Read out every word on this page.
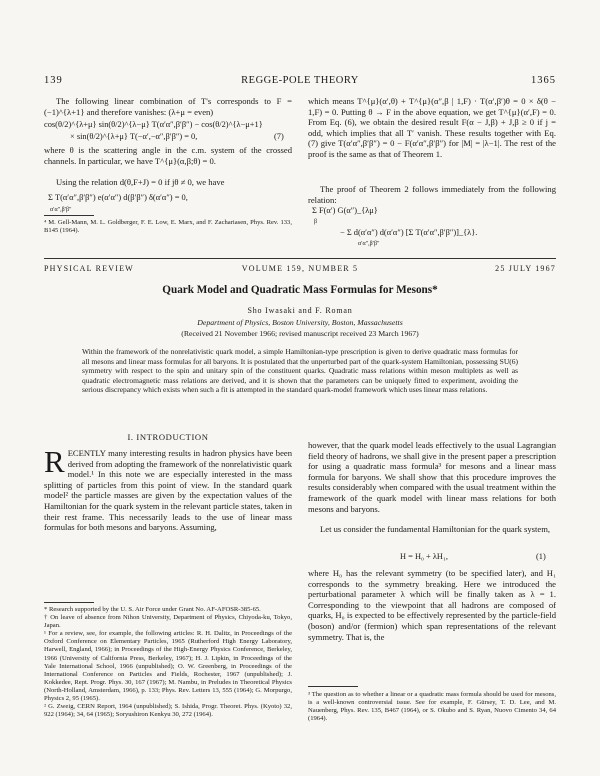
139	REGGE-POLE THEORY	1365
The following linear combination of T's corresponds to F = (−1)^{λ+1} and therefore vanishes: (λ+μ = even)
cos(θ/2)^{λ+μ} sin(θ/2)^{λ−μ} T(α′α″,β′β″) − cos(θ/2)^{λ−μ+1}
× sin(θ/2)^{λ+μ} T(−α′,−α″,β′β″) = 0,	(7)
where θ is the scattering angle in the c.m. system of the crossed channels. In particular, we have T^{μ}(α,β;θ) = 0.
Using the relation d(θ,F+J) = 0 if jθ ≠ 0, we have
Σ T(α′α″,β′β″) e(α′α″) d(β′β″) δ(α′α″) = 0,
α′α″,β′β″
⁴ M. Gell-Mann, M. L. Goldberger, F. E. Low, E. Marx, and F. Zachariasen, Phys. Rev. 133, B145 (1964).
which means T^{μ}(α′,θ) + T^{μ}(α″,β | 1,F) · T(α′,β′)θ = 0 × δ(θ − 1,F) = 0. Putting θ → F in the above equation, we get T^{μ}(α′,F) = 0. From Eq. (6), we obtain the desired result F(α − J,β) + J,β ≥ 0 if j = odd, which implies that all T′ vanish. These results together with Eq. (7) give T(α′α″,β′β″) = 0 − F(α′α″,β′β″) for |M| = |λ−1|. The rest of the proof is the same as that of Theorem 1.
The proof of Theorem 2 follows immediately from the following relation:
Σ F(α′) G(α″)_{λμ}
β
− Σ d(α′α″) d(α′α″) [Σ T(α′α″,β′β″)]_{λ}.
α′α″,β′β″
PHYSICAL REVIEW	VOLUME 159, NUMBER 5	25 JULY 1967
Quark Model and Quadratic Mass Formulas for Mesons*
Sho Iwasaki and F. Roman
Department of Physics, Boston University, Boston, Massachusetts
(Received 21 November 1966; revised manuscript received 23 March 1967)
Within the framework of the nonrelativistic quark model, a simple Hamiltonian-type prescription is given to derive quadratic mass formulas for all mesons and linear mass formulas for all baryons. It is postulated that the unperturbed part of the quark-system Hamiltonian, possessing SU(6) symmetry with respect to the spin and unitary spin of the constituent quarks. Quadratic mass relations within meson multiplets as well as quadratic electromagnetic mass relations are derived, and it is shown that the parameters can be uniquely fitted to experiment, avoiding the serious discrepancy which exists when such a fit is attempted in the standard quark-model framework which uses linear mass relations.
I. INTRODUCTION
RECENTLY many interesting results in hadron physics have been derived from adopting the framework of the nonrelativistic quark model.¹ In this note we are especially interested in the mass splitting of particles from this point of view. In the standard quark model² the particle masses are given by the expectation values of the Hamiltonian for the quark system in the relevant particle states, taken in their rest frame. This necessarily leads to the use of linear mass formulas for both mesons and baryons. Assuming,
* Research supported by the U. S. Air Force under Grant No. AF-AFOSR-385-65.
† On leave of absence from Nihon University, Department of Physics, Chiyoda-ku, Tokyo, Japan.
¹ For a review, see, for example, the following articles: R. H. Dalitz, in Proceedings of the Oxford Conference on Elementary Particles, 1965 (Rutherford High Energy Laboratory, Harwell, England, 1966); in Proceedings of the High-Energy Physics Conference, Berkeley, 1966 (University of California Press, Berkeley, 1967); H. J. Lipkin, in Proceedings of the Yale International School, 1966 (unpublished); O. W. Greenberg, in Proceedings of the International Conference on Particles and Fields, Rochester, 1967 (unpublished); J. Kokkedee, Rept. Progr. Phys. 30, 167 (1967); M. Nambu, in Preludes in Theoretical Physics (North-Holland, Amsterdam, 1966), p. 133; Phys. Rev. Letters 13, 555 (1964); G. Morpurgo, Physics 2, 95 (1965).
² G. Zweig, CERN Report, 1964 (unpublished); S. Ishida, Progr. Theoret. Phys. (Kyoto) 32, 922 (1964); 34, 64 (1965); Soryushiron Kenkyu 30, 272 (1964).
however, that the quark model leads effectively to the usual Lagrangian field theory of hadrons, we shall give in the present paper a prescription for using a quadratic mass formula³ for mesons and a linear mass formula for baryons. We shall show that this procedure improves the results considerably when compared with the usual treatment within the framework of the quark model with linear mass relations for both mesons and baryons.
Let us consider the fundamental Hamiltonian for the quark system,
H = H₀ + λH₁,	(1)
where H₀ has the relevant symmetry (to be specified later), and H₁ corresponds to the symmetry breaking. Here we introduced the perturbational parameter λ which will be finally taken as λ = 1. Corresponding to the viewpoint that all hadrons are composed of quarks, H₀ is expected to be effectively represented by the particle-field (boson) and/or (fermion) which span representations of the relevant symmetry. That is, the
³ The question as to whether a linear or a quadratic mass formula should be used for mesons, is a well-known controversial issue. See for example, F. Gürsey, T. D. Lee, and M. Nauenberg, Phys. Rev. 135, B467 (1964), or S. Okubo and S. Ryan, Nuovo Cimento 34, 64 (1964).
